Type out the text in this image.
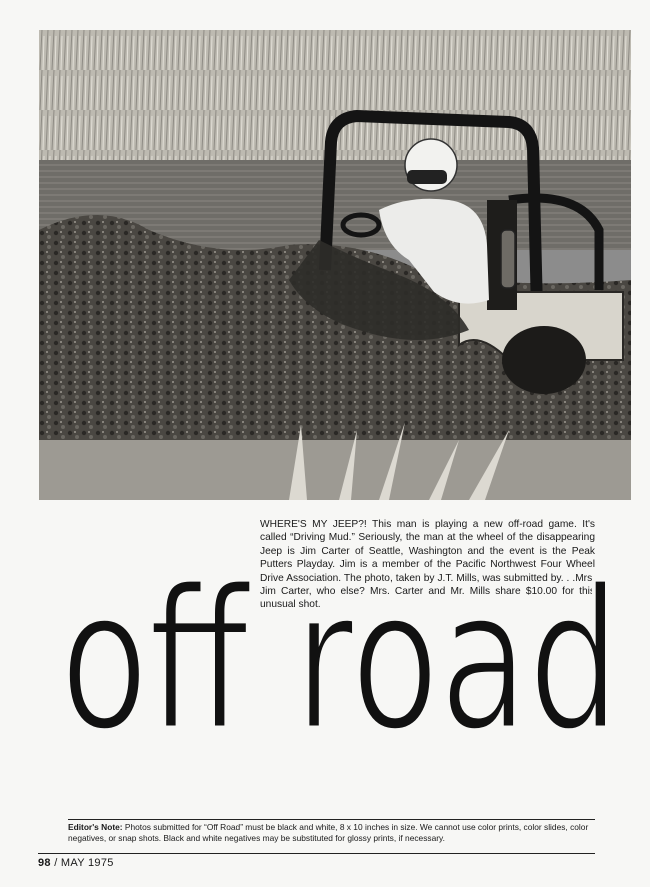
WHERE'S MY JEEP?! This man is playing a new off-road game. It's called “Driving Mud.” Seriously, the man at the wheel of the disappearing Jeep is Jim Carter of Seattle, Washington and the event is the Peak Putters Playday. Jim is a member of the Pacific Northwest Four Wheel Drive Association. The photo, taken by J.T. Mills, was submitted by. . .Mrs. Jim Carter, who else? Mrs. Carter and Mr. Mills share $10.00 for this unusual shot.

off road

Editor's Note: Photos submitted for “Off Road” must be black and white, 8 x 10 inches in size. We cannot use color prints, color slides, color negatives, or snap shots. Black and white negatives may be substituted for glossy prints, if necessary.

98 / MAY 1975
